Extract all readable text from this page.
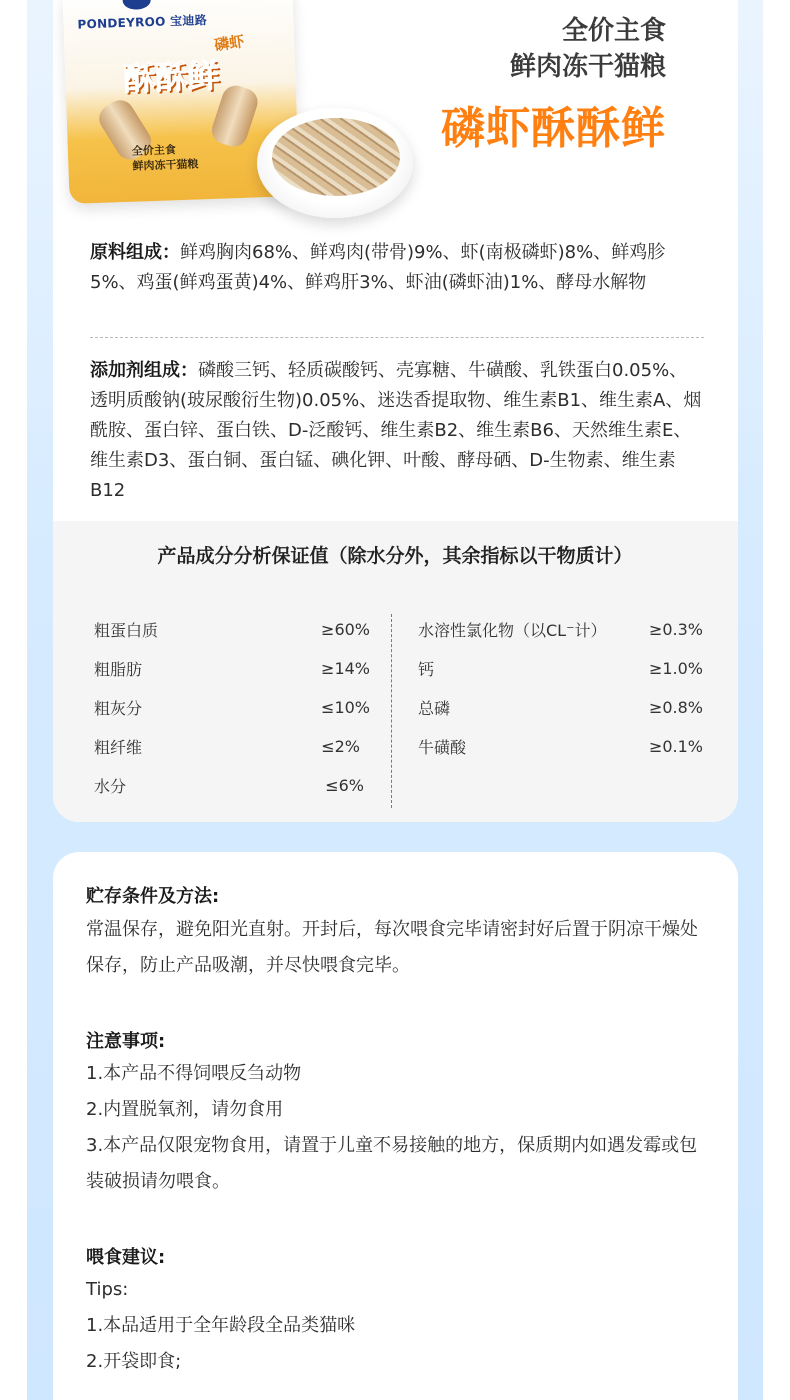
PONDEYROO 宝迪路
磷虾
酥酥鲜
全价主食
鲜肉冻干猫粮
全价主食
鲜肉冻干猫粮
磷虾酥酥鲜
原料组成：鲜鸡胸肉68%、鲜鸡肉(带骨)9%、虾(南极磷虾)8%、鲜鸡胗5%、鸡蛋(鲜鸡蛋黄)4%、鲜鸡肝3%、虾油(磷虾油)1%、酵母水解物
添加剂组成：磷酸三钙、轻质碳酸钙、壳寡糖、牛磺酸、乳铁蛋白0.05%、透明质酸钠(玻尿酸衍生物)0.05%、迷迭香提取物、维生素B1、维生素A、烟酰胺、蛋白锌、蛋白铁、D-泛酸钙、维生素B2、维生素B6、天然维生素E、维生素D3、蛋白铜、蛋白锰、碘化钾、叶酸、酵母硒、D-生物素、维生素B12
产品成分分析保证值（除水分外，其余指标以干物质计）
粗蛋白质	≥60%
粗脂肪	≥14%
粗灰分	≤10%
粗纤维	≤2%
水分	≤6%
水溶性氯化物（以CL⁻计）	≥0.3%
钙	≥1.0%
总磷	≥0.8%
牛磺酸	≥0.1%
贮存条件及方法:
常温保存，避免阳光直射。开封后，每次喂食完毕请密封好后置于阴凉干燥处保存，防止产品吸潮，并尽快喂食完毕。
注意事项:
1.本产品不得饲喂反刍动物
2.内置脱氧剂，请勿食用
3.本产品仅限宠物食用，请置于儿童不易接触的地方，保质期内如遇发霉或包装破损请勿喂食。
喂食建议:
Tips:
1.本品适用于全年龄段全品类猫咪
2.开袋即食;
